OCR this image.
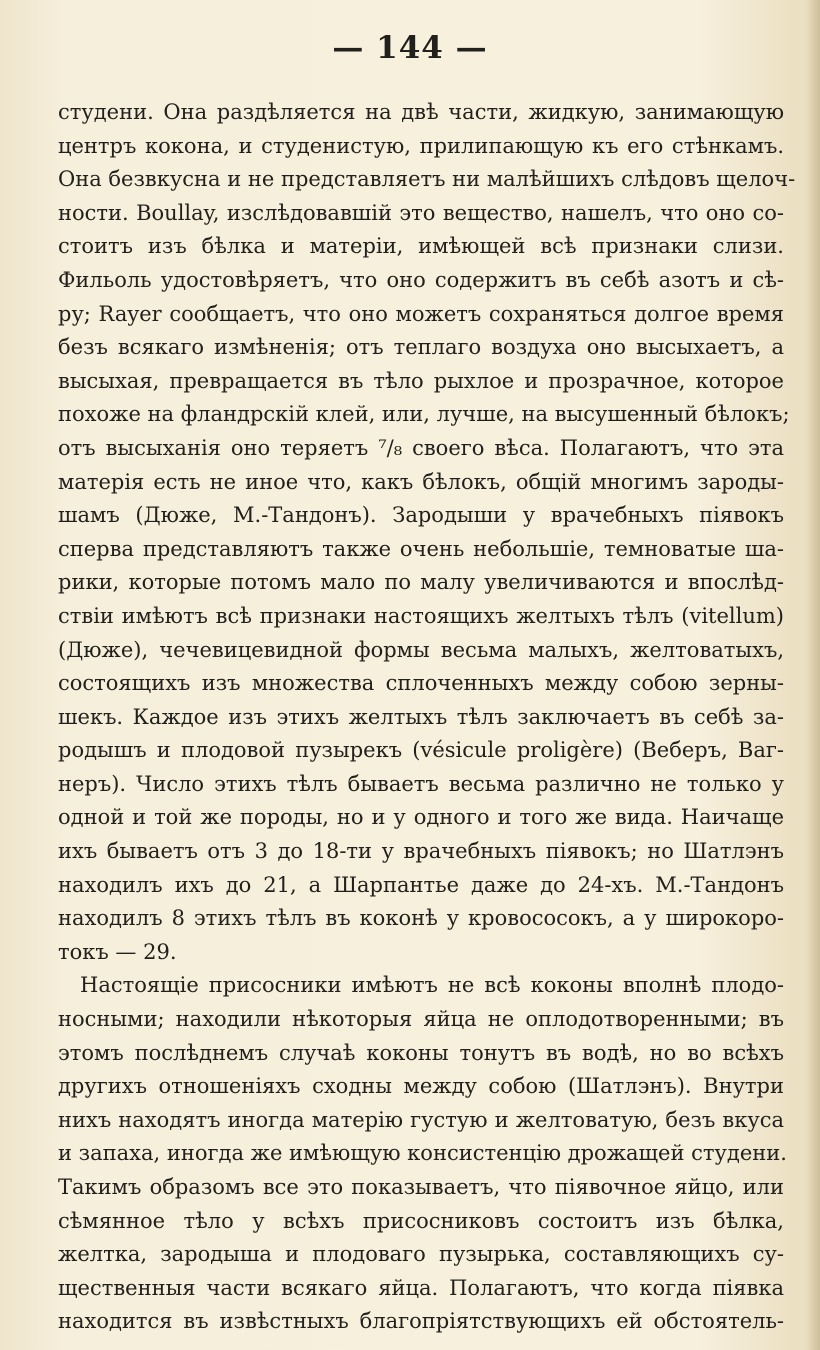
— 144 —
студени. Она раздѣляется на двѣ части, жидкую, занимающую
центръ кокона, и студенистую, прилипающую къ его стѣнкамъ.
Она безвкусна и не представляетъ ни малѣйшихъ слѣдовъ щелоч-
ности. Boullay, изслѣдовавшій это вещество, нашелъ, что оно со-
стоитъ изъ бѣлка и матеріи, имѣющей всѣ признаки слизи.
Фильоль удостовѣряетъ, что оно содержитъ въ себѣ азотъ и сѣ-
ру; Rayer сообщаетъ, что оно можетъ сохраняться долгое время
безъ всякаго измѣненія; отъ теплаго воздуха оно высыхаетъ, а
высыхая, превращается въ тѣло рыхлое и прозрачное, которое
похоже на фландрскій клей, или, лучше, на высушенный бѣлокъ;
отъ высыханія оно теряетъ ⁷/₈ своего вѣса. Полагаютъ, что эта
матерія есть не иное что, какъ бѣлокъ, общій многимъ зароды-
шамъ (Дюже, М.-Тандонъ). Зародыши у врачебныхъ піявокъ
сперва представляютъ также очень небольшіе, темноватые ша-
рики, которые потомъ мало по малу увеличиваются и впослѣд-
ствіи имѣютъ всѣ признаки настоящихъ желтыхъ тѣлъ (vitellum)
(Дюже), чечевицевидной формы весьма малыхъ, желтоватыхъ,
состоящихъ изъ множества сплоченныхъ между собою зерны-
шекъ. Каждое изъ этихъ желтыхъ тѣлъ заключаетъ въ себѣ за-
родышъ и плодовой пузырекъ (vésicule proligère) (Веберъ, Ваг-
неръ). Число этихъ тѣлъ бываетъ весьма различно не только у
одной и той же породы, но и у одного и того же вида. Наичаще
ихъ бываетъ отъ 3 до 18-ти у врачебныхъ піявокъ; но Шатлэнъ
находилъ ихъ до 21, а Шарпантье даже до 24-хъ. М.-Тандонъ
находилъ 8 этихъ тѣлъ въ коконѣ у кровососокъ, а у широкоро-
токъ — 29.
Настоящіе присосники имѣютъ не всѣ коконы вполнѣ плодо-
носными; находили нѣкоторыя яйца не оплодотворенными; въ
этомъ послѣднемъ случаѣ коконы тонутъ въ водѣ, но во всѣхъ
другихъ отношеніяхъ сходны между собою (Шатлэнъ). Внутри
нихъ находятъ иногда матерію густую и желтоватую, безъ вкуса
и запаха, иногда же имѣющую консистенцію дрожащей студени.
Такимъ образомъ все это показываетъ, что піявочное яйцо, или
сѣмянное тѣло у всѣхъ присосниковъ состоитъ изъ бѣлка,
желтка, зародыша и плодоваго пузырька, составляющихъ су-
щественныя части всякаго яйца. Полагаютъ, что когда піявка
находится въ извѣстныхъ благопріятствующихъ ей обстоятель-
